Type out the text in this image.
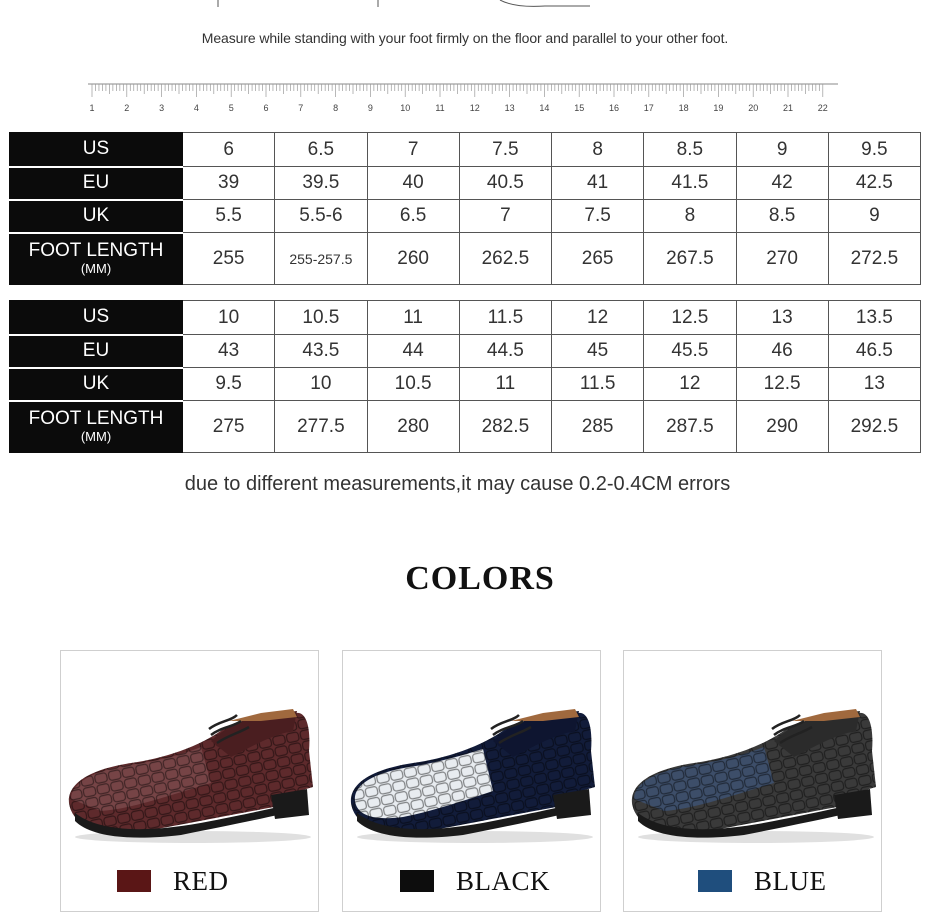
Measure while standing with your foot firmly on the floor and parallel to your other foot.
1	2	3	4	5	6	7	8	9	10	11	12	13	14	15	16	17	18	19	20	21	22
US	6	6.5	7	7.5	8	8.5	9	9.5
EU	39	39.5	40	40.5	41	41.5	42	42.5
UK	5.5	5.5-6	6.5	7	7.5	8	8.5	9

FOOT LENGTH
(MM)	255	255-257.5	260	262.5	265	267.5	270	272.5
US	10	10.5	11	11.5	12	12.5	13	13.5
EU	43	43.5	44	44.5	45	45.5	46	46.5
UK	9.5	10	10.5	11	11.5	12	12.5	13

FOOT LENGTH
(MM)	275	277.5	280	282.5	285	287.5	290	292.5
due to different measurements,it may cause 0.2-0.4CM errors
COLORS
RED	BLACK	BLUE
